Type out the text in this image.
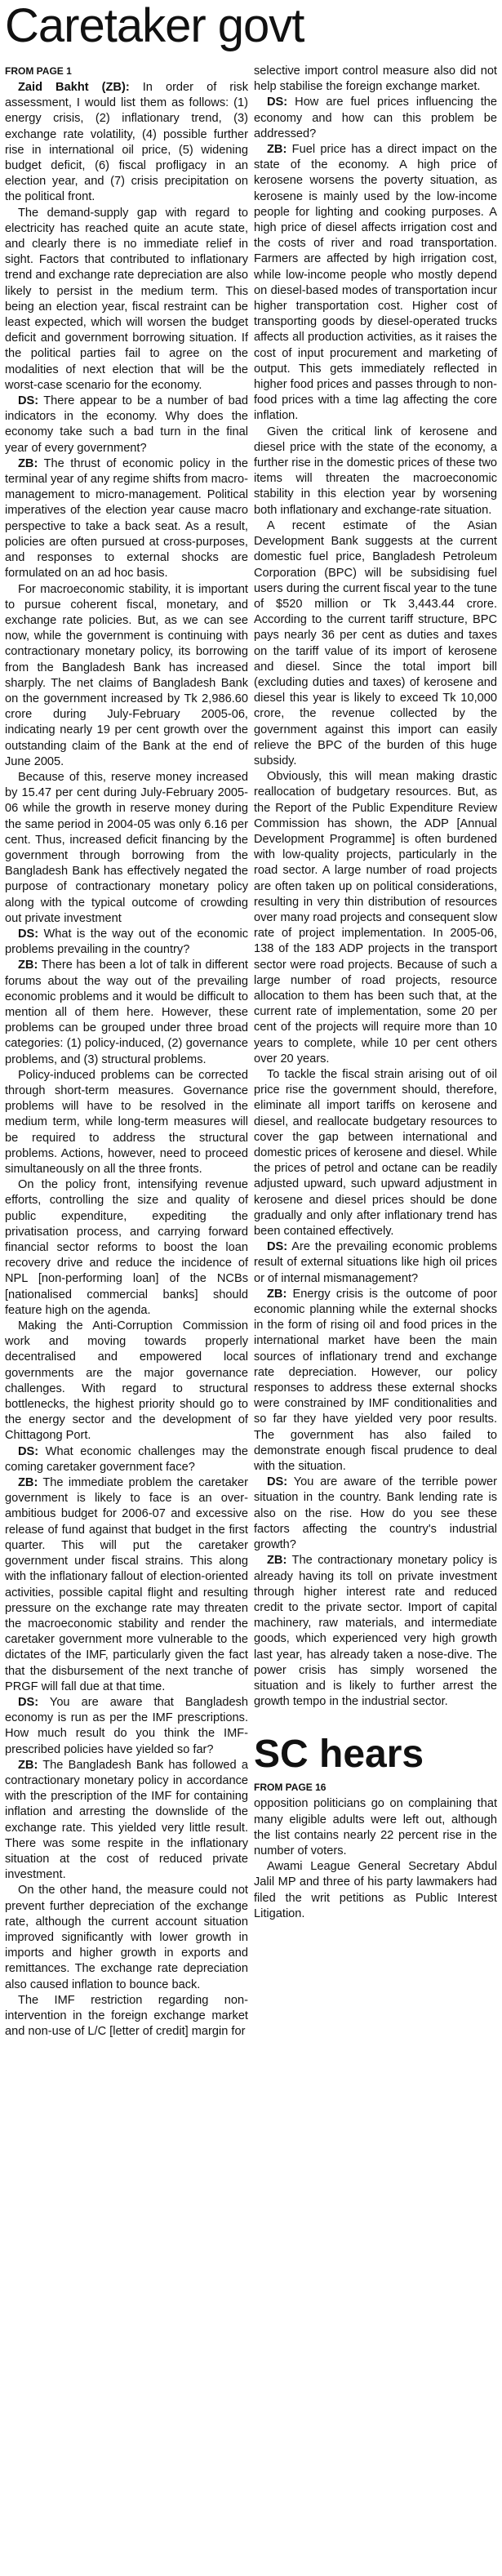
Caretaker govt
FROM PAGE 1

Zaid Bakht (ZB): In order of risk assessment, I would list them as follows: (1) energy crisis, (2) inflationary trend, (3) exchange rate volatility, (4) possible further rise in international oil price, (5) widening budget deficit, (6) fiscal profligacy in an election year, and (7) crisis precipitation on the political front.

The demand-supply gap with regard to electricity has reached quite an acute state, and clearly there is no immediate relief in sight. Factors that contributed to inflationary trend and exchange rate depreciation are also likely to persist in the medium term. This being an election year, fiscal restraint can be least expected, which will worsen the budget deficit and government borrowing situation. If the political parties fail to agree on the modalities of next election that will be the worst-case scenario for the economy.

DS: There appear to be a number of bad indicators in the economy. Why does the economy take such a bad turn in the final year of every government?

ZB: The thrust of economic policy in the terminal year of any regime shifts from macro-management to micro-management. Political imperatives of the election year cause macro perspective to take a back seat. As a result, policies are often pursued at cross-purposes, and responses to external shocks are formulated on an ad hoc basis.

For macroeconomic stability, it is important to pursue coherent fiscal, monetary, and exchange rate policies. But, as we can see now, while the government is continuing with contractionary monetary policy, its borrowing from the Bangladesh Bank has increased sharply. The net claims of Bangladesh Bank on the government increased by Tk 2,986.60 crore during July-February 2005-06, indicating nearly 19 per cent growth over the outstanding claim of the Bank at the end of June 2005.

Because of this, reserve money increased by 15.47 per cent during July-February 2005-06 while the growth in reserve money during the same period in 2004-05 was only 6.16 per cent. Thus, increased deficit financing by the government through borrowing from the Bangladesh Bank has effectively negated the purpose of contractionary monetary policy along with the typical outcome of crowding out private investment

DS: What is the way out of the economic problems prevailing in the country?

ZB: There has been a lot of talk in different forums about the way out of the prevailing economic problems and it would be difficult to mention all of them here. However, these problems can be grouped under three broad categories: (1) policy-induced, (2) governance problems, and (3) structural problems.

Policy-induced problems can be corrected through short-term measures. Governance problems will have to be resolved in the medium term, while long-term measures will be required to address the structural problems. Actions, however, need to proceed simultaneously on all the three fronts.

On the policy front, intensifying revenue efforts, controlling the size and quality of public expenditure, expediting the privatisation process, and carrying forward financial sector reforms to boost the loan recovery drive and reduce the incidence of NPL [non-performing loan] of the NCBs [nationalised commercial banks] should feature high on the agenda.

Making the Anti-Corruption Commission work and moving towards properly decentralised and empowered local governments are the major governance challenges. With regard to structural bottlenecks, the highest priority should go to the energy sector and the development of Chittagong Port.

DS: What economic challenges may the coming caretaker government face?

ZB: The immediate problem the caretaker government is likely to face is an over-ambitious budget for 2006-07 and excessive release of fund against that budget in the first quarter. This will put the caretaker government under fiscal strains. This along with the inflationary fallout of election-oriented activities, possible capital flight and resulting pressure on the exchange rate may threaten the macroeconomic stability and render the caretaker government more vulnerable to the dictates of the IMF, particularly given the fact that the disbursement of the next tranche of PRGF will fall due at that time.

DS: You are aware that Bangladesh economy is run as per the IMF prescriptions. How much result do you think the IMF-prescribed policies have yielded so far?

ZB: The Bangladesh Bank has followed a contractionary monetary policy in accordance with the prescription of the IMF for containing inflation and arresting the downslide of the exchange rate. This yielded very little result. There was some respite in the inflationary situation at the cost of reduced private investment.

On the other hand, the measure could not prevent further depreciation of the exchange rate, although the current account situation improved significantly with lower growth in imports and higher growth in exports and remittances. The exchange rate depreciation also caused inflation to bounce back.

The IMF restriction regarding non-intervention in the foreign exchange market and non-use of L/C [letter of credit] margin for

selective import control measure also did not help stabilise the foreign exchange market.

DS: How are fuel prices influencing the economy and how can this problem be addressed?

ZB: Fuel price has a direct impact on the state of the economy. A high price of kerosene worsens the poverty situation, as kerosene is mainly used by the low-income people for lighting and cooking purposes. A high price of diesel affects irrigation cost and the costs of river and road transportation. Farmers are affected by high irrigation cost, while low-income people who mostly depend on diesel-based modes of transportation incur higher transportation cost. Higher cost of transporting goods by diesel-operated trucks affects all production activities, as it raises the cost of input procurement and marketing of output. This gets immediately reflected in higher food prices and passes through to non-food prices with a time lag affecting the core inflation.

Given the critical link of kerosene and diesel price with the state of the economy, a further rise in the domestic prices of these two items will threaten the macroeconomic stability in this election year by worsening both inflationary and exchange-rate situation.

A recent estimate of the Asian Development Bank suggests at the current domestic fuel price, Bangladesh Petroleum Corporation (BPC) will be subsidising fuel users during the current fiscal year to the tune of $520 million or Tk 3,443.44 crore. According to the current tariff structure, BPC pays nearly 36 per cent as duties and taxes on the tariff value of its import of kerosene and diesel. Since the total import bill (excluding duties and taxes) of kerosene and diesel this year is likely to exceed Tk 10,000 crore, the revenue collected by the government against this import can easily relieve the BPC of the burden of this huge subsidy.

Obviously, this will mean making drastic reallocation of budgetary resources. But, as the Report of the Public Expenditure Review Commission has shown, the ADP [Annual Development Programme] is often burdened with low-quality projects, particularly in the road sector. A large number of road projects are often taken up on political considerations, resulting in very thin distribution of resources over many road projects and consequent slow rate of project implementation. In 2005-06, 138 of the 183 ADP projects in the transport sector were road projects. Because of such a large number of road projects, resource allocation to them has been such that, at the current rate of implementation, some 20 per cent of the projects will require more than 10 years to complete, while 10 per cent others over 20 years.

To tackle the fiscal strain arising out of oil price rise the government should, therefore, eliminate all import tariffs on kerosene and diesel, and reallocate budgetary resources to cover the gap between international and domestic prices of kerosene and diesel. While the prices of petrol and octane can be readily adjusted upward, such upward adjustment in kerosene and diesel prices should be done gradually and only after inflationary trend has been contained effectively.

DS: Are the prevailing economic problems result of external situations like high oil prices or of internal mismanagement?

ZB: Energy crisis is the outcome of poor economic planning while the external shocks in the form of rising oil and food prices in the international market have been the main sources of inflationary trend and exchange rate depreciation. However, our policy responses to address these external shocks were constrained by IMF conditionalities and so far they have yielded very poor results. The government has also failed to demonstrate enough fiscal prudence to deal with the situation.

DS: You are aware of the terrible power situation in the country. Bank lending rate is also on the rise. How do you see these factors affecting the country's industrial growth?

ZB: The contractionary monetary policy is already having its toll on private investment through higher interest rate and reduced credit to the private sector. Import of capital machinery, raw materials, and intermediate goods, which experienced very high growth last year, has already taken a nose-dive. The power crisis has simply worsened the situation and is likely to further arrest the growth tempo in the industrial sector.

SC hears
FROM PAGE 16

opposition politicians go on complaining that many eligible adults were left out, although the list contains nearly 22 percent rise in the number of voters.

Awami League General Secretary Abdul Jalil MP and three of his party lawmakers had filed the writ petitions as Public Interest Litigation.
